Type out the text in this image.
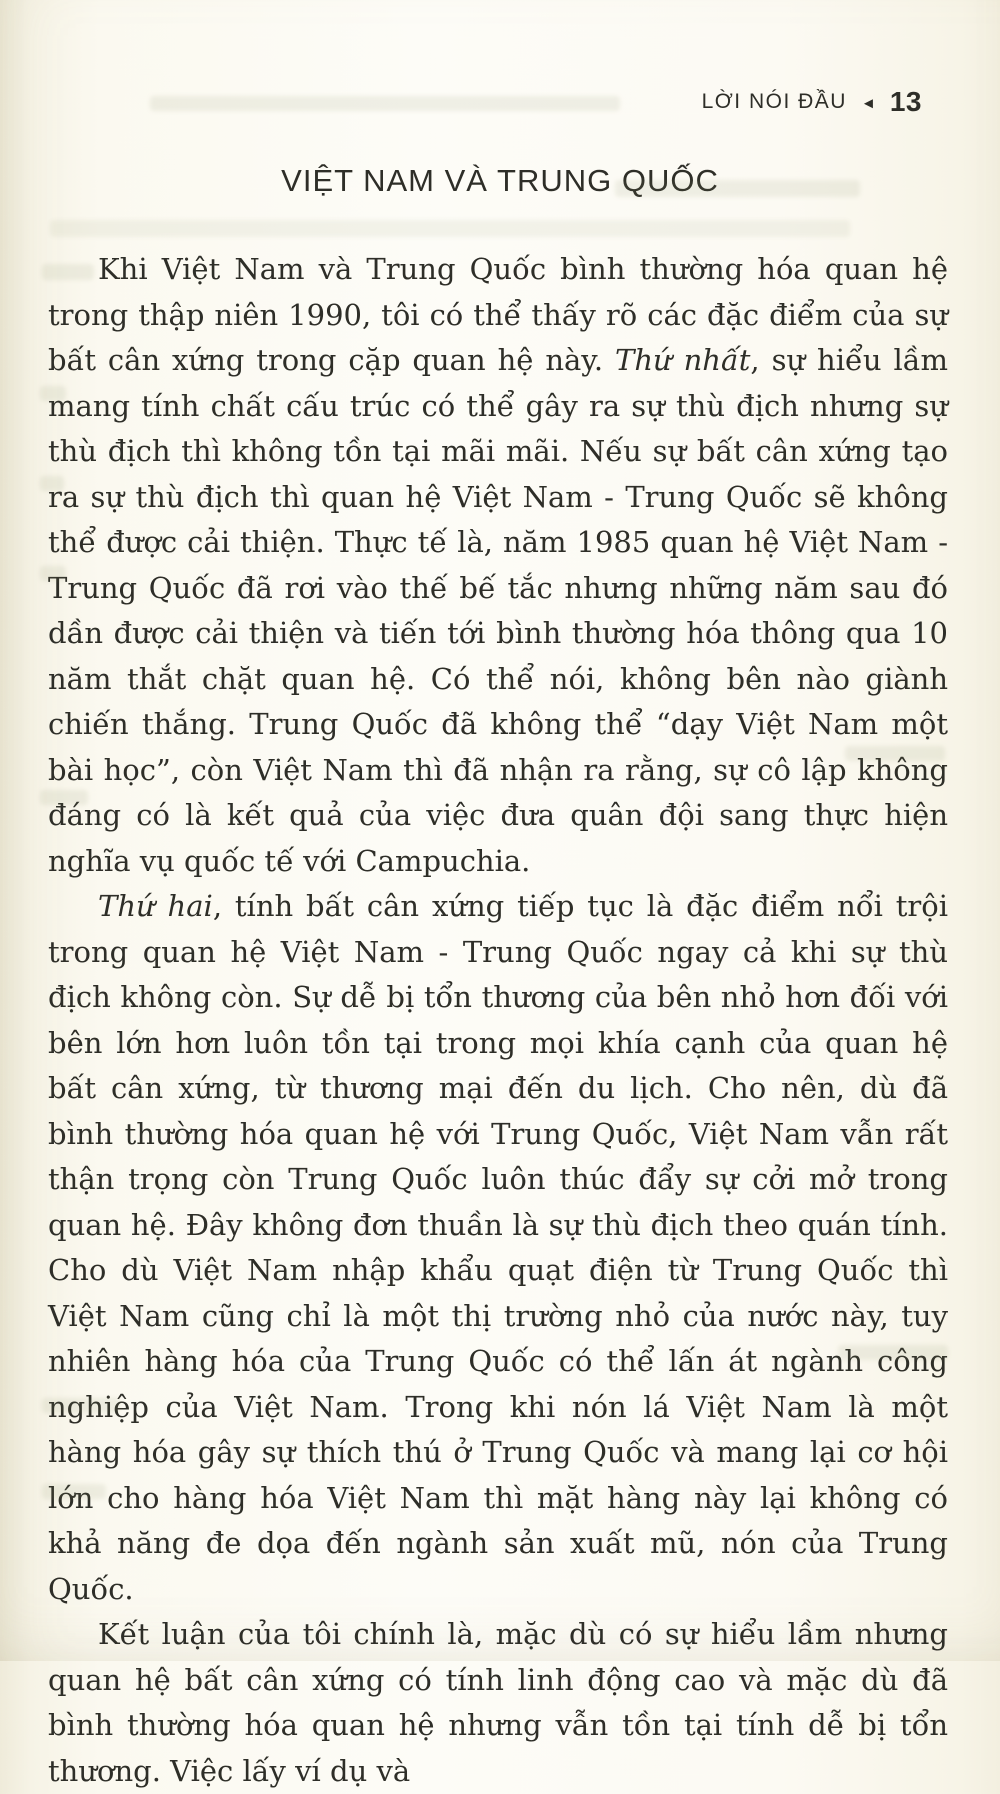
LỜI NÓI ĐẦU ◄ 13
VIỆT NAM VÀ TRUNG QUỐC

Khi Việt Nam và Trung Quốc bình thường hóa quan hệ trong thập niên 1990, tôi có thể thấy rõ các đặc điểm của sự bất cân xứng trong cặp quan hệ này. Thứ nhất, sự hiểu lầm mang tính chất cấu trúc có thể gây ra sự thù địch nhưng sự thù địch thì không tồn tại mãi mãi. Nếu sự bất cân xứng tạo ra sự thù địch thì quan hệ Việt Nam - Trung Quốc sẽ không thể được cải thiện. Thực tế là, năm 1985 quan hệ Việt Nam - Trung Quốc đã rơi vào thế bế tắc nhưng những năm sau đó dần được cải thiện và tiến tới bình thường hóa thông qua 10 năm thắt chặt quan hệ. Có thể nói, không bên nào giành chiến thắng. Trung Quốc đã không thể “dạy Việt Nam một bài học”, còn Việt Nam thì đã nhận ra rằng, sự cô lập không đáng có là kết quả của việc đưa quân đội sang thực hiện nghĩa vụ quốc tế với Campuchia.

Thứ hai, tính bất cân xứng tiếp tục là đặc điểm nổi trội trong quan hệ Việt Nam - Trung Quốc ngay cả khi sự thù địch không còn. Sự dễ bị tổn thương của bên nhỏ hơn đối với bên lớn hơn luôn tồn tại trong mọi khía cạnh của quan hệ bất cân xứng, từ thương mại đến du lịch. Cho nên, dù đã bình thường hóa quan hệ với Trung Quốc, Việt Nam vẫn rất thận trọng còn Trung Quốc luôn thúc đẩy sự cởi mở trong quan hệ. Đây không đơn thuần là sự thù địch theo quán tính. Cho dù Việt Nam nhập khẩu quạt điện từ Trung Quốc thì Việt Nam cũng chỉ là một thị trường nhỏ của nước này, tuy nhiên hàng hóa của Trung Quốc có thể lấn át ngành công nghiệp của Việt Nam. Trong khi nón lá Việt Nam là một hàng hóa gây sự thích thú ở Trung Quốc và mang lại cơ hội lớn cho hàng hóa Việt Nam thì mặt hàng này lại không có khả năng đe dọa đến ngành sản xuất mũ, nón của Trung Quốc.

Kết luận của tôi chính là, mặc dù có sự hiểu lầm nhưng quan hệ bất cân xứng có tính linh động cao và mặc dù đã bình thường hóa quan hệ nhưng vẫn tồn tại tính dễ bị tổn thương. Việc lấy ví dụ và
